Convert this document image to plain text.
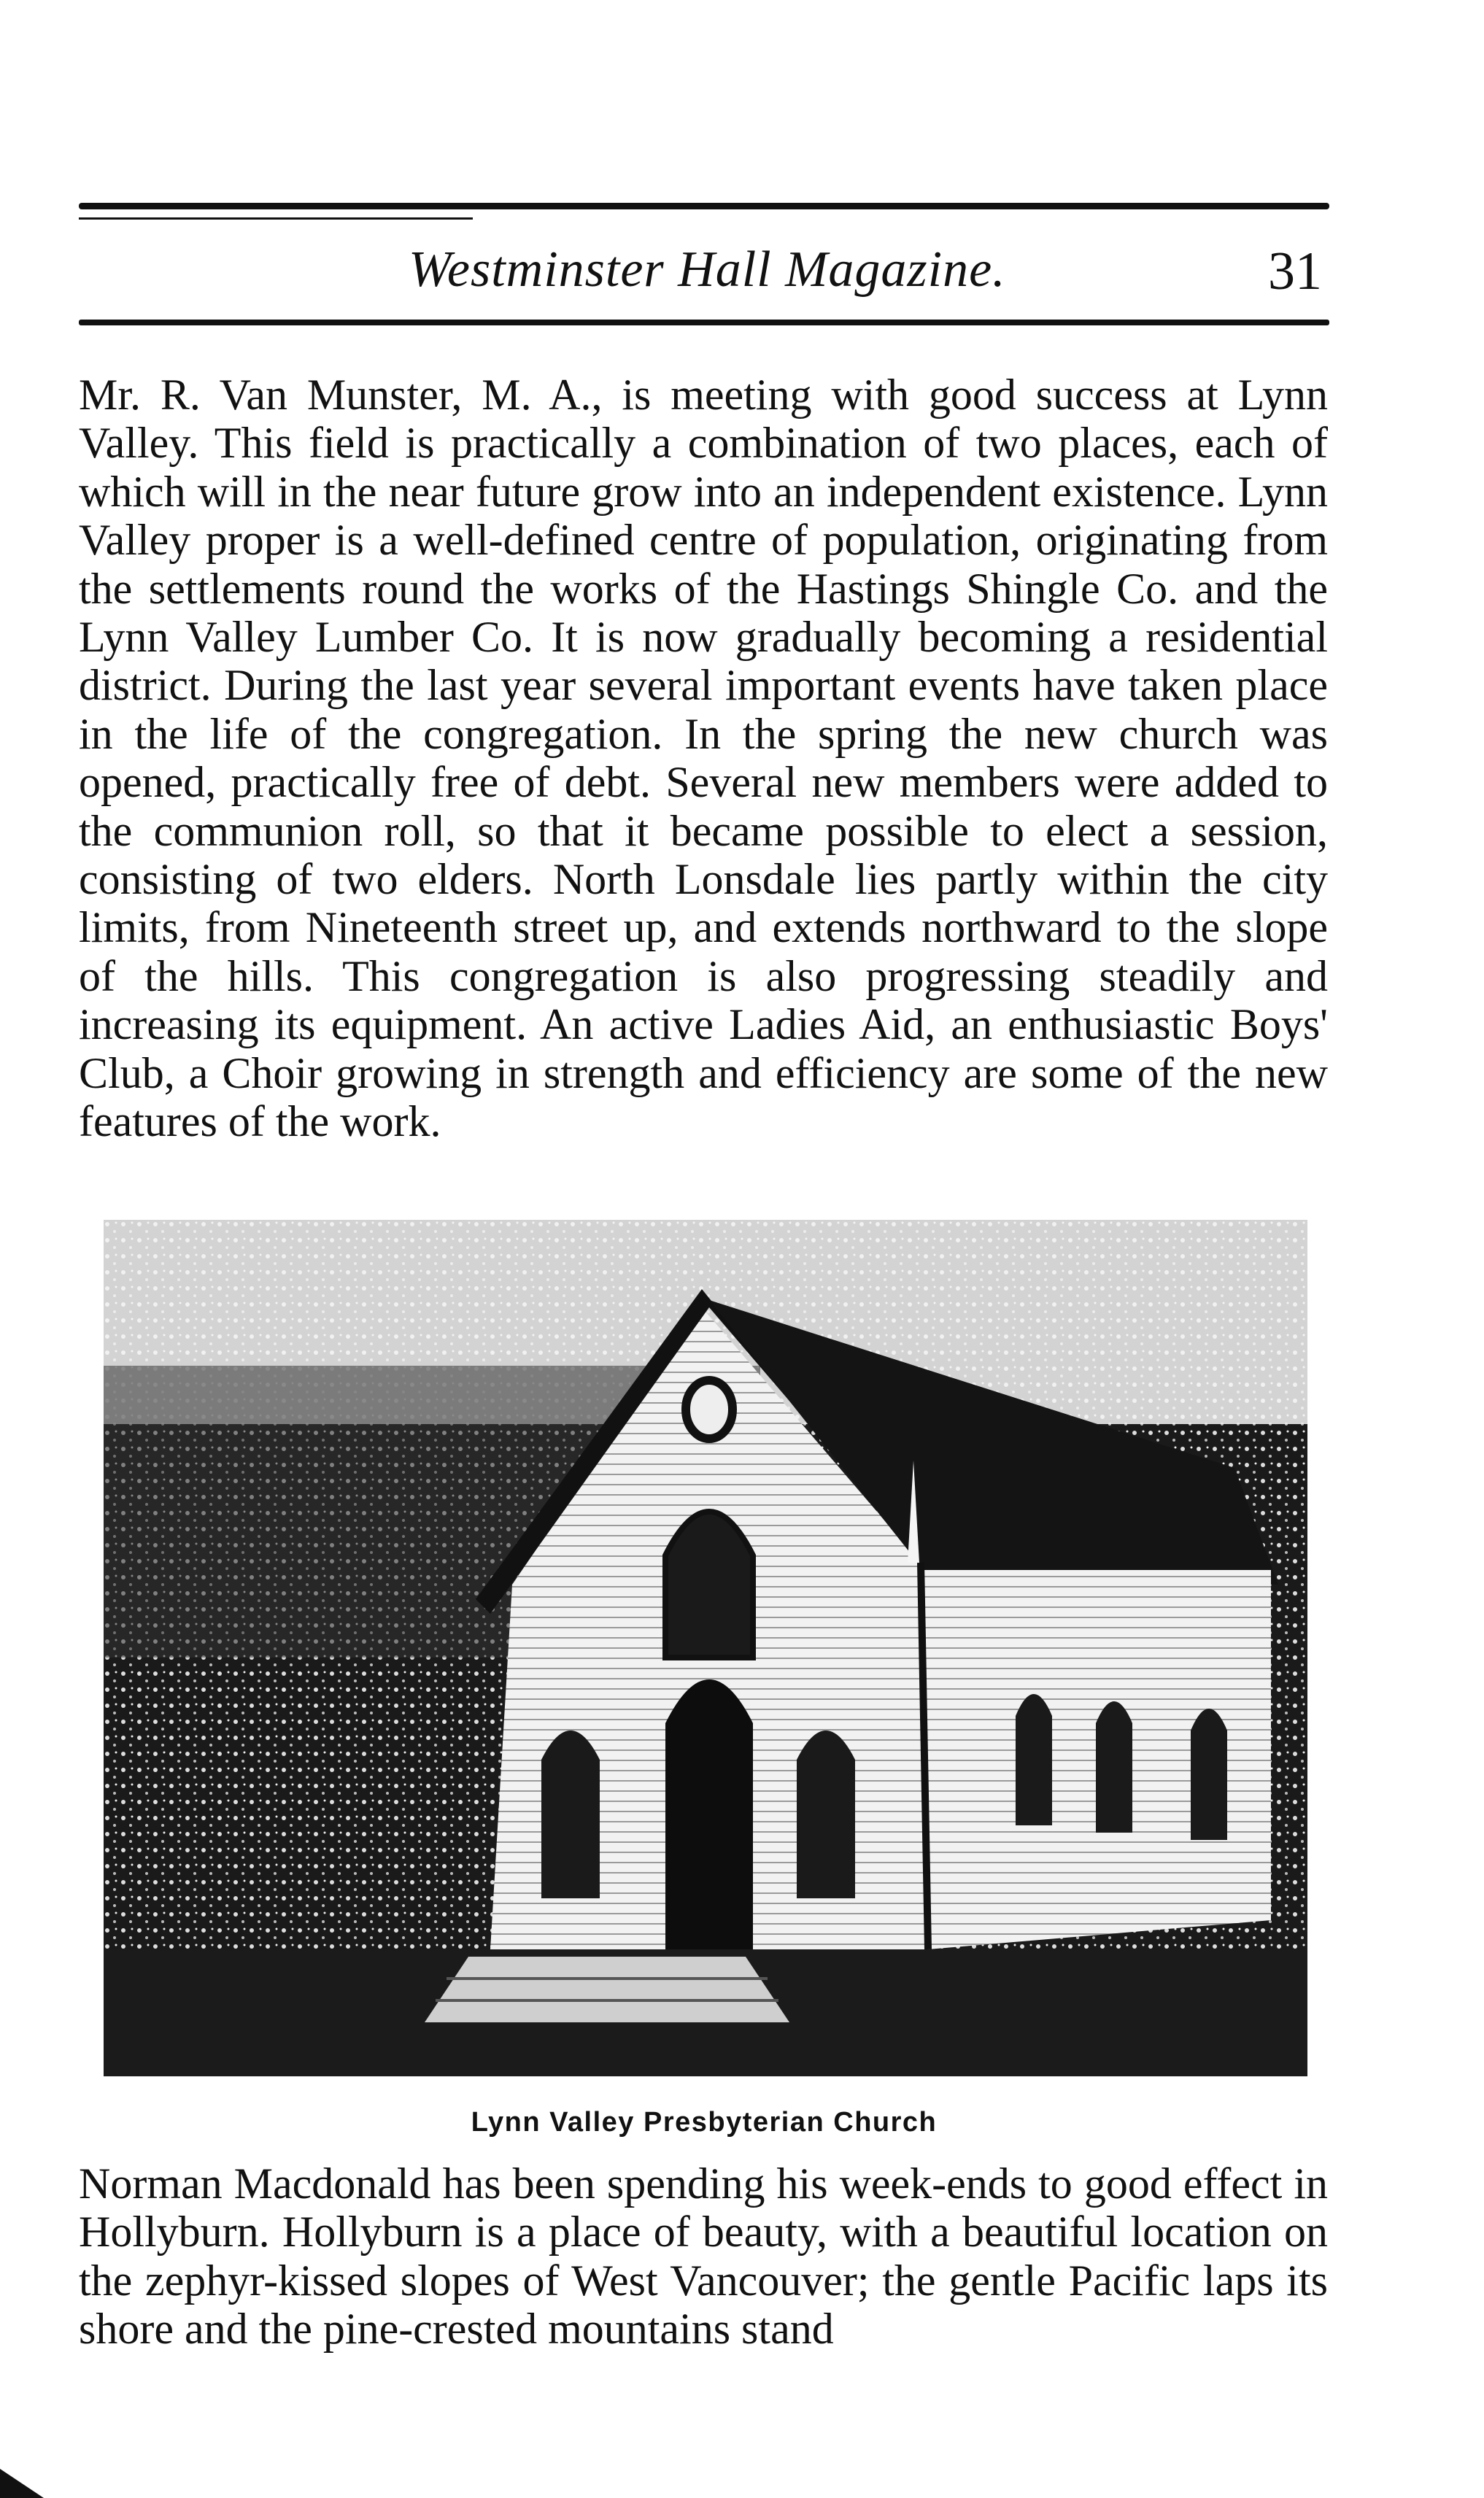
Westminster Hall Magazine.	31

Mr. R. Van Munster, M. A., is meeting with good success at Lynn Valley. This field is practically a combination of two places, each of which will in the near future grow into an independent existence. Lynn Valley proper is a well-defined centre of population, originating from the settlements round the works of the Hastings Shingle Co. and the Lynn Valley Lumber Co. It is now gradually becoming a residential district. During the last year several important events have taken place in the life of the congregation. In the spring the new church was opened, practically free of debt. Several new members were added to the communion roll, so that it became possible to elect a session, consisting of two elders. North Lonsdale lies partly within the city limits, from Nineteenth street up, and extends northward to the slope of the hills. This congregation is also progressing steadily and increasing its equipment. An active Ladies Aid, an enthusiastic Boys' Club, a Choir growing in strength and efficiency are some of the new features of the work.

Lynn Valley Presbyterian Church

Norman Macdonald has been spending his week-ends to good effect in Hollyburn. Hollyburn is a place of beauty, with a beautiful location on the zephyr-kissed slopes of West Vancouver; the gentle Pacific laps its shore and the pine-crested mountains stand
